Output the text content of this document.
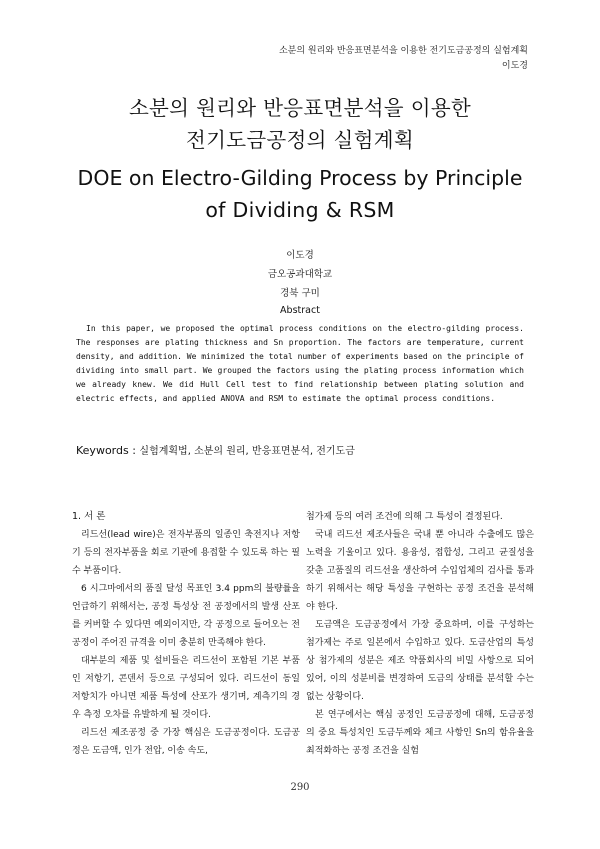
소분의 원리와 반응표면분석을 이용한 전기도금공정의 실험계획
이도경
소분의 원리와 반응표면분석을 이용한
전기도금공정의 실험계획
DOE on Electro-Gilding Process by Principle
of Dividing & RSM
이도경
금오공과대학교
경북 구미
Abstract

In this paper, we proposed the optimal process conditions on the electro-gilding process. The responses are plating thickness and Sn proportion. The factors are temperature, current density, and addition. We minimized the total number of experiments based on the principle of dividing into small part. We grouped the factors using the plating process information which we already knew. We did Hull Cell test to find relationship between plating solution and electric effects, and applied ANOVA and RSM to estimate the optimal process conditions.

Keywords : 실험계획법, 소분의 원리, 반응표면분석, 전기도금
1. 서 론

리드선(lead wire)은 전자부품의 일종인 축전지나 저항기 등의 전자부품을 회로 기판에 용접할 수 있도록 하는 필수 부품이다.

6 시그마에서의 품질 달성 목표인 3.4 ppm의 불량률을 언급하기 위해서는, 공정 특성상 전 공정에서의 발생 산포를 커버할 수 있다면 예외이지만, 각 공정으로 들어오는 전 공정이 주어진 규격을 이미 충분히 만족해야 한다.

대부분의 제품 및 설비들은 리드선이 포함된 기본 부품인 저항기, 콘덴서 등으로 구성되어 있다. 리드선이 동일 저항치가 아니면 제품 특성에 산포가 생기며, 계측기의 경우 측정 오차를 유발하게 될 것이다.

리드선 제조공정 중 가장 핵심은 도금공정이다. 도금공정은 도금액, 인가 전압, 이송 속도,

첨가제 등의 여러 조건에 의해 그 특성이 결정된다.

국내 리드선 제조사들은 국내 뿐 아니라 수출에도 많은 노력을 기울이고 있다. 용융성, 접합성, 그리고 균질성을 갖춘 고품질의 리드선을 생산하여 수입업체의 검사를 통과하기 위해서는 해당 특성을 구현하는 공정 조건을 분석해야 한다.

도금액은 도금공정에서 가장 중요하며, 이를 구성하는 첨가제는 주로 일본에서 수입하고 있다. 도금산업의 특성상 첨가제의 성분은 제조 약품회사의 비밀 사항으로 되어있어, 이의 성분비를 변경하여 도금의 상태를 분석할 수는 없는 상황이다.

본 연구에서는 핵심 공정인 도금공정에 대해, 도금공정의 중요 특성치인 도금두께와 체크 사항인 Sn의 함유율을 최적화하는 공정 조건을 실험

290
